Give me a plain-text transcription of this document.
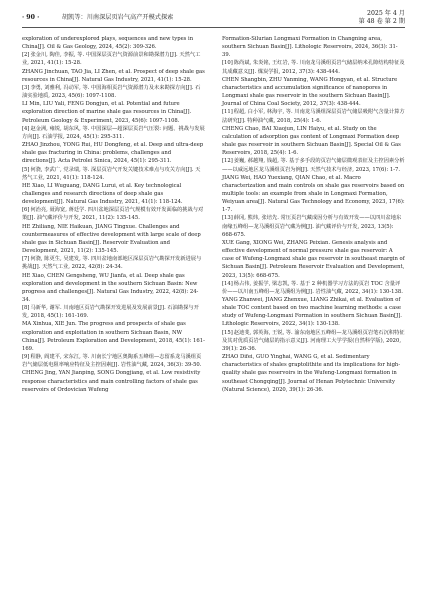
· 90 ·	胡凯等：川南深层页岩气高产开模式探索
2025 年 4 月
第 48 卷 第 2 期

exploration of underexplored plays, sequences and new types in China[J]. Oil & Gas Geology, 2024, 45(2): 309-326.

[2]张金川, 陶佳, 李振, 等. 中国深层页岩气资源前景和勘探潜力[J]. 天然气工业, 2021, 41(1): 15-28.

ZHANG Jinchuan, TAO Jia, LI Zhen, et al. Prospect of deep shale gas resources in China[J]. Natural Gas Industry, 2021, 41(1): 15-28.

[3]李勇, 刘雅利, 冯动军, 等. 中国海相页岩气资源潜力及未来勘探方向[J]. 石油实验地质, 2023, 45(6): 1097-1108.

LI Min, LIU Yali, FENG Dongjun, et al. Potential and future exploration direction of marine shale gas resources in China[J]. Petroleum Geology & Experiment, 2023, 45(6): 1097-1108.

[4]赵金洲, 雍锐, 胡东风, 等. 中国深层—超深层页岩气压裂: 问题、挑战与发展方向[J]. 石油学报, 2024, 45(1): 295-311.

ZHAO Jinzhou, YONG Rui, HU Dongfeng, et al. Deep and ultra-deep shale gas fracturing in China: problems, challenges and directions[J]. Acta Petrolei Sinica, 2024, 45(1): 295-311.

[5]何骁, 李武广, 党录瑞, 等. 深层页岩气开发关键技术难点与攻关方向[J]. 天然气工业, 2021, 41(1): 118-124.

HE Xiao, LI Wuguang, DANG Lurui, et al. Key technological challenges and research directions of deep shale gas development[J]. Natural Gas Industry, 2021, 41(1): 118-124.

[6]何治亮, 聂海宽, 蒋廷学. 四川盆地深层页岩气规模有效开发面临的挑战与对策[J]. 油气藏评价与开发, 2021, 11(2): 135-145.

HE Zhiliang, NIE Haikuan, JIANG Tingxue. Challenges and countermeasures of effective development with large scale of deep shale gas in Sichuan Basin[J]. Reservoir Evaluation and Development, 2021, 11(2): 135-145.

[7]何骁, 陈更生, 吴建发, 等. 四川盆地南部地区深层页岩气勘探开发新进展与挑战[J]. 天然气工业, 2022, 42(8): 24-34.

HE Xiao, CHEN Gengsheng, WU Jianfa, et al. Deep shale gas exploration and development in the southern Sichuan Basin: New progress and challenges[J]. Natural Gas Industry, 2022, 42(8): 24-34.

[8]马新华, 谢军. 川南地区页岩气勘探开发进展及发展前景[J]. 石油勘探与开发, 2018, 45(1): 161-169.

MA Xinhua, XIE Jun. The progress and prospects of shale gas exploration and exploitation in southern Sichuan Basin, NW China[J]. Petroleum Exploration and Development, 2018, 45(1): 161-169.

[9]程静, 阎建平, 宋东江, 等. 川南长宁地区奥陶系五峰组—志留系龙马溪组页岩气储层低电阻率响应特征及主控因素[J]. 岩性油气藏, 2024, 36(3): 39-50.

CHENG Jing, YAN Jianping, SONG Dongjiang, et al. Low resistivity response characteristics and main controlling factors of shale gas reservoirs of Ordovician Wufeng

Formation-Silurian Longmaxi Formation in Changning area, southern Sichuan Basin[J]. Lithologic Reservoirs, 2024, 36(3): 31-39.

[10]陈尚斌, 朱炎铭, 王红岩, 等. 川南龙马溪组页岩气储层纳米孔隙结构特征及其成藏意义[J]. 煤炭学报, 2012, 37(3): 438-444.

CHEN Shangbin, ZHU Yanming, WANG Hongyan, et al. Structure characteristics and accumulation significance of nanopores in Longmaxi shale gas reservoir in the southern Sichuan Basin[J]. Journal of China Coal Society, 2012, 37(3): 438-444.

[11]程超, 白小军, 林海宇, 等. 川南龙马溪组深层页岩气储层吸附气含量计算方法研究[J]. 特种油气藏, 2018, 25(4): 1-6.

CHENG Chao, BAI Xiaojun, LIN Haiyu, et al. Study on the calculation of adsorption gas content of Longmaxi Formation deep shale gas reservoir in southern Sichuan Basin[J]. Special Oil & Gas Reservoirs, 2018, 25(4): 1-6.

[12]姜巍, 郝越翔, 钱超, 等. 基于多手段的页岩气储层微观表征及主控因素分析——以威远地区龙马溪组页岩为例[J]. 天然气技术与经济, 2023, 17(6): 1-7.

JIANG Wei, HAO Yuexiang, QIAN Chao, et al. Macro characterization and main controls on shale gas reservoirs based on multiple tools: an example from shale in Longmaxi Formation, Weiyuan area[J]. Natural Gas Technology and Economy, 2023, 17(6): 1-7.

[13]薛冈, 熊炜, 张培先. 常压页岩气藏成因分析与有效开发——以四川盆地东南缘五峰组—龙马溪组页岩气藏为例[J]. 油气藏评价与开发, 2023, 13(5): 668-675.

XUE Gang, XIONG Wei, ZHANG Peixian. Genesis analysis and effective development of normal pressure shale gas reservoir: A case of Wufeng-Longmaxi shale gas reservoir in southeast margin of Sichuan Basin[J]. Petroleum Reservoir Evaluation and Development, 2023, 13(5): 668-675.

[14]杨占伟, 姜振学, 梁志凯, 等. 基于 2 种机器学习方法的页岩 TOC 含量评价——以川南五峰组—龙马溪组为例[J]. 岩性油气藏, 2022, 34(1): 130-138.

YANG Zhanwei, JIANG Zhenxue, LIANG Zhikai, et al. Evaluation of shale TOC content based on two machine learning methods: a case study of Wufeng-Longmaxi Formation in southern Sichuan Basin[J]. Lithologic Reservoirs, 2022, 34(1): 130-138.

[15]赵迪斐, 郭英海, 王锐, 等. 渝东南地区五峰组—龙马溪组页岩笔石沉积特征及其对优质页岩气储层的指示意义[J]. 河南理工大学学报(自然科学版), 2020, 39(1): 26-36.

ZHAO Difei, GUO Yinghai, WANG G, et al. Sedimentary characteristics of shales graptolithite and its implications for high-quality shale gas reservoirs in the Wufeng-Longmaxi formation in southeast Chongqing[J]. Journal of Henan Polytechnic University (Natural Science), 2020, 39(1): 26-36.
